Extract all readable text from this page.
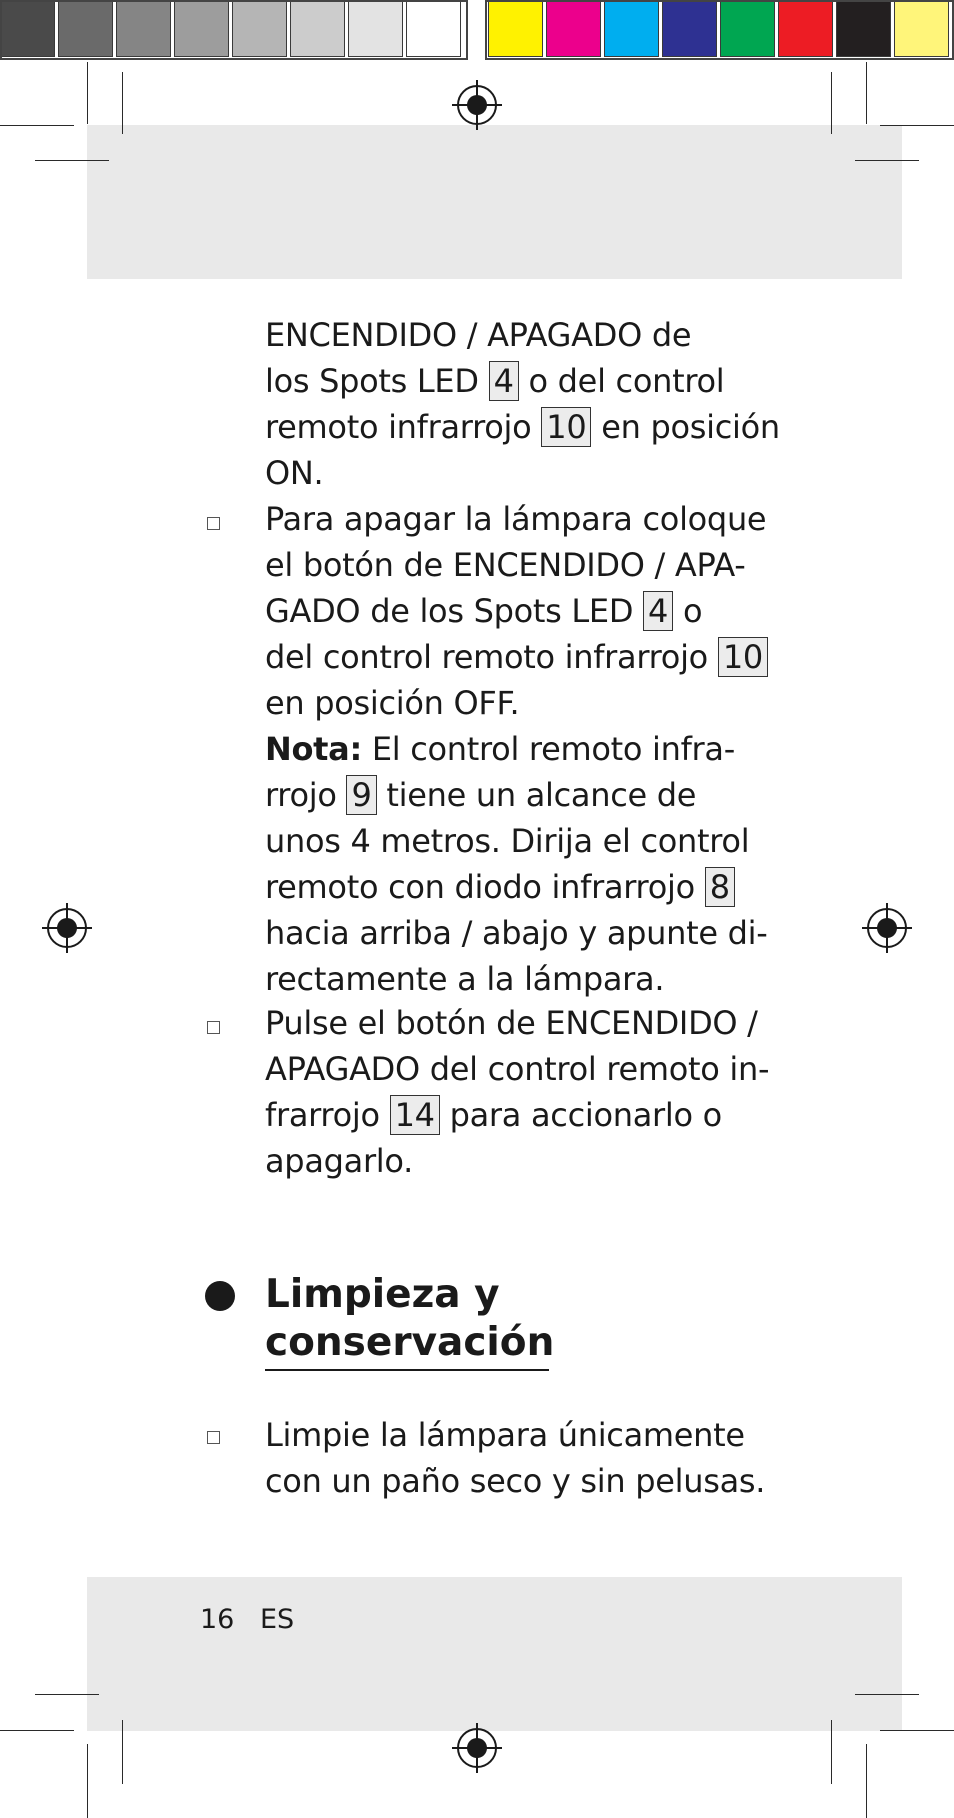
ENCENDIDO / APAGADO de
los Spots LED 4 o del control
remoto infrarrojo 10 en posición
ON.
Para apagar la lámpara coloque
el botón de ENCENDIDO / APA-
GADO de los Spots LED 4 o
del control remoto infrarrojo 10
en posición OFF.
Nota: El control remoto infra-
rrojo 9 tiene un alcance de
unos 4 metros. Dirija el control
remoto con diodo infrarrojo 8
hacia arriba / abajo y apunte di-
rectamente a la lámpara.
Pulse el botón de ENCENDIDO /
APAGADO del control remoto in-
frarrojo 14 para accionarlo o
apagarlo.
Limpieza y
conservación
Limpie la lámpara únicamente
con un paño seco y sin pelusas.
16 ES
